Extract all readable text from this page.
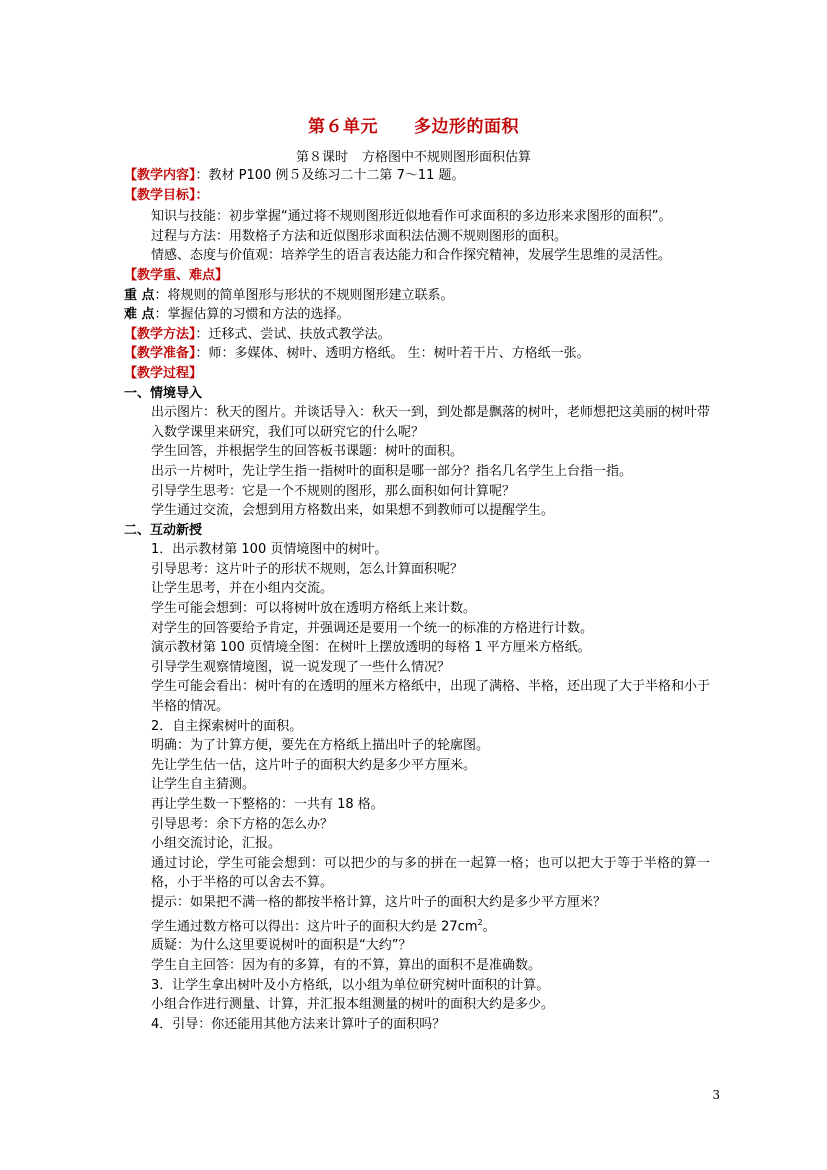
第６单元 多边形的面积
第８课时 方格图中不规则图形面积估算
【教学内容】：教材 P100 例５及练习二十二第 7～11 题。
【教学目标】：
知识与技能：初步掌握“通过将不规则图形近似地看作可求面积的多边形来求图形的面积”。
过程与方法：用数格子方法和近似图形求面积法估测不规则图形的面积。
情感、态度与价值观：培养学生的语言表达能力和合作探究精神，发展学生思维的灵活性。
【教学重、难点】
重 点：将规则的简单图形与形状的不规则图形建立联系。
难 点：掌握估算的习惯和方法的选择。
【教学方法】：迁移式、尝试、扶放式教学法。
【教学准备】：师：多媒体、树叶、透明方格纸。 生：树叶若干片、方格纸一张。
【教学过程】
一、情境导入
出示图片：秋天的图片。并谈话导入：秋天一到，到处都是飘落的树叶，老师想把这美丽的树叶带入数学课里来研究，我们可以研究它的什么呢？
学生回答，并根据学生的回答板书课题：树叶的面积。
出示一片树叶，先让学生指一指树叶的面积是哪一部分？指名几名学生上台指一指。
引导学生思考：它是一个不规则的图形，那么面积如何计算呢？
学生通过交流，会想到用方格数出来，如果想不到教师可以提醒学生。
二、互动新授
1．出示教材第 100 页情境图中的树叶。
引导思考：这片叶子的形状不规则，怎么计算面积呢？
让学生思考，并在小组内交流。
学生可能会想到：可以将树叶放在透明方格纸上来计数。
对学生的回答要给予肯定，并强调还是要用一个统一的标准的方格进行计数。
演示教材第 100 页情境全图：在树叶上摆放透明的每格 1 平方厘米方格纸。
引导学生观察情境图，说一说发现了一些什么情况？
学生可能会看出：树叶有的在透明的厘米方格纸中，出现了满格、半格，还出现了大于半格和小于半格的情况。
2．自主探索树叶的面积。
明确：为了计算方便，要先在方格纸上描出叶子的轮廓图。
先让学生估一估，这片叶子的面积大约是多少平方厘米。
让学生自主猜测。
再让学生数一下整格的：一共有 18 格。
引导思考：余下方格的怎么办？
小组交流讨论，汇报。
通过讨论，学生可能会想到：可以把少的与多的拼在一起算一格；也可以把大于等于半格的算一格，小于半格的可以舍去不算。
提示：如果把不满一格的都按半格计算，这片叶子的面积大约是多少平方厘米？
学生通过数方格可以得出：这片叶子的面积大约是 $27cm^2$。
质疑：为什么这里要说树叶的面积是“大约”？
学生自主回答：因为有的多算，有的不算，算出的面积不是准确数。
3．让学生拿出树叶及小方格纸，以小组为单位研究树叶面积的计算。
小组合作进行测量、计算，并汇报本组测量的树叶的面积大约是多少。
4．引导：你还能用其他方法来计算叶子的面积吗？
3
